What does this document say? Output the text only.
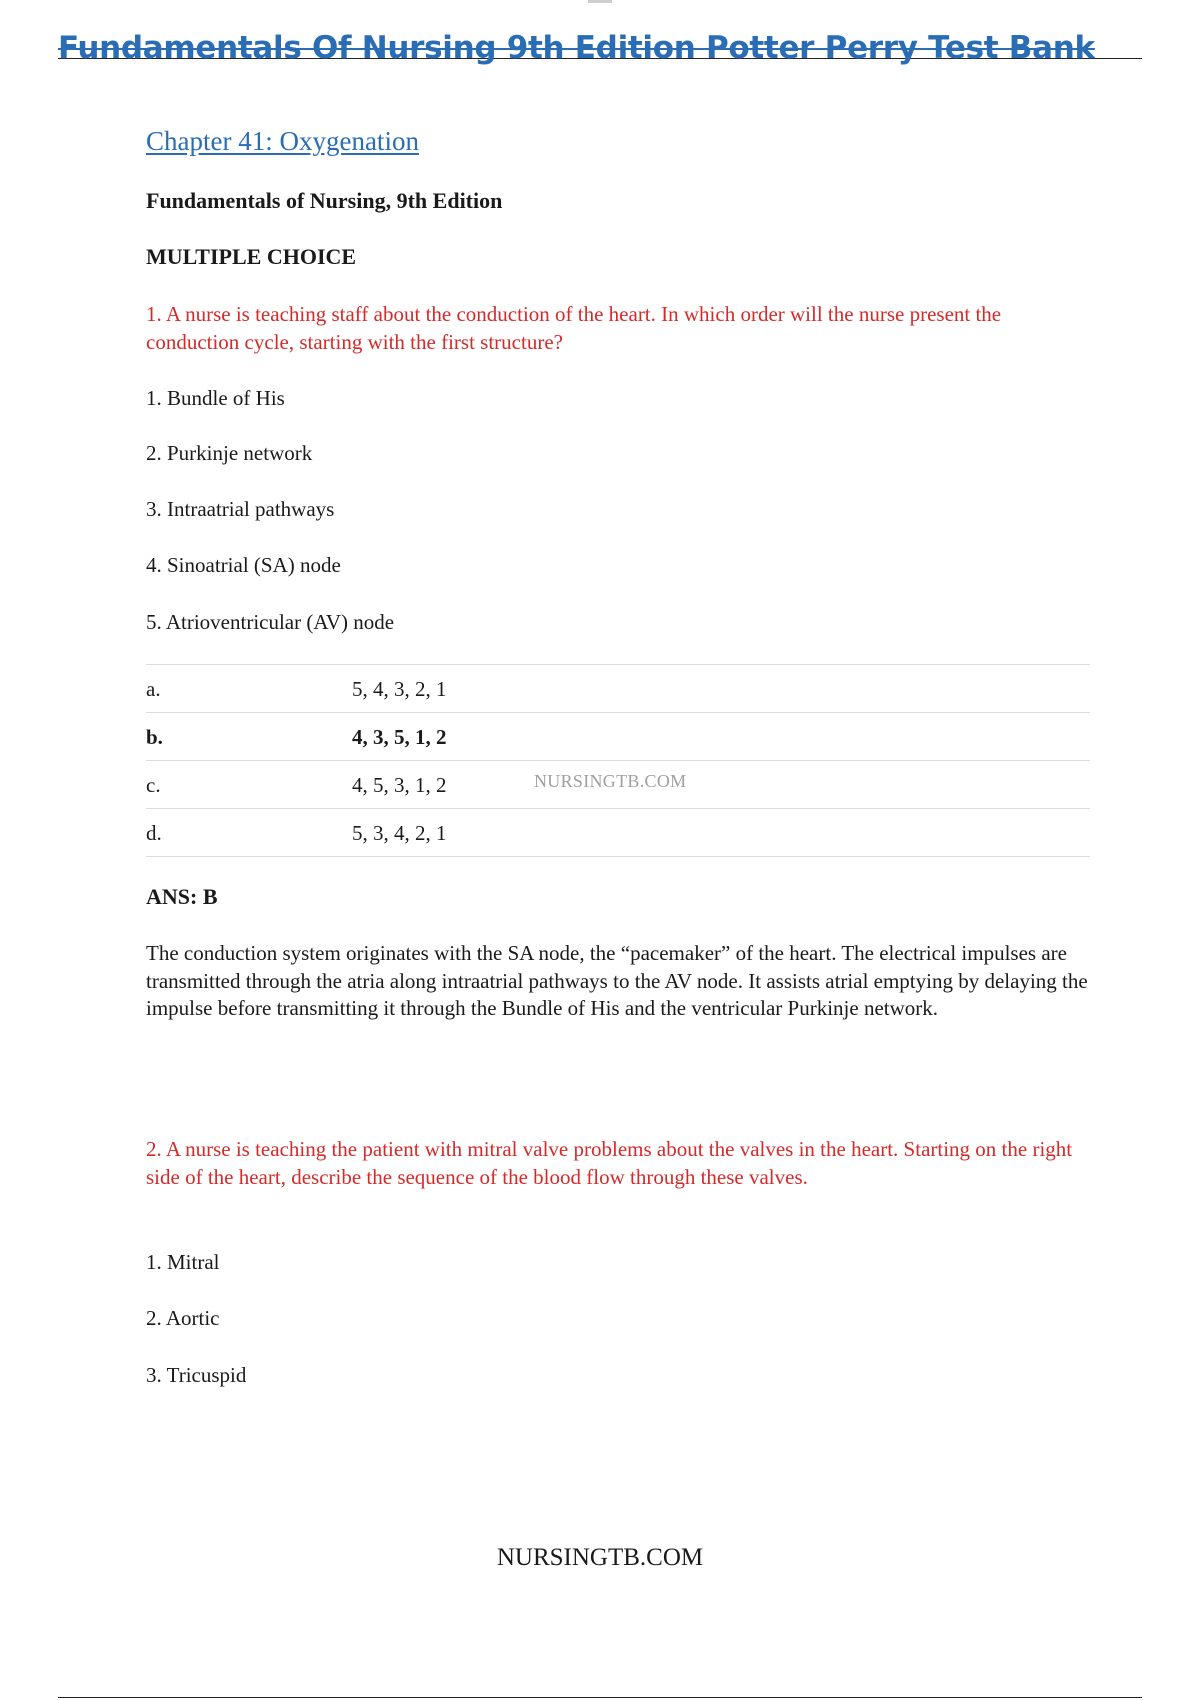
Fundamentals Of Nursing 9th Edition Potter Perry Test Bank
Chapter 41: Oxygenation
Fundamentals of Nursing, 9th Edition
MULTIPLE CHOICE
1. A nurse is teaching staff about the conduction of the heart. In which order will the nurse present the conduction cycle, starting with the first structure?
1. Bundle of His
2. Purkinje network
3. Intraatrial pathways
4. Sinoatrial (SA) node
5. Atrioventricular (AV) node
a.	5, 4, 3, 2, 1
b.	4, 3, 5, 1, 2
c.	4, 5, 3, 1, 2	NURSINGTB.COM
d.	5, 3, 4, 2, 1
ANS: B
The conduction system originates with the SA node, the “pacemaker” of the heart. The electrical impulses are transmitted through the atria along intraatrial pathways to the AV node. It assists atrial emptying by delaying the impulse before transmitting it through the Bundle of His and the ventricular Purkinje network.
2. A nurse is teaching the patient with mitral valve problems about the valves in the heart. Starting on the right side of the heart, describe the sequence of the blood flow through these valves.
1. Mitral
2. Aortic
3. Tricuspid
NURSINGTB.COM
